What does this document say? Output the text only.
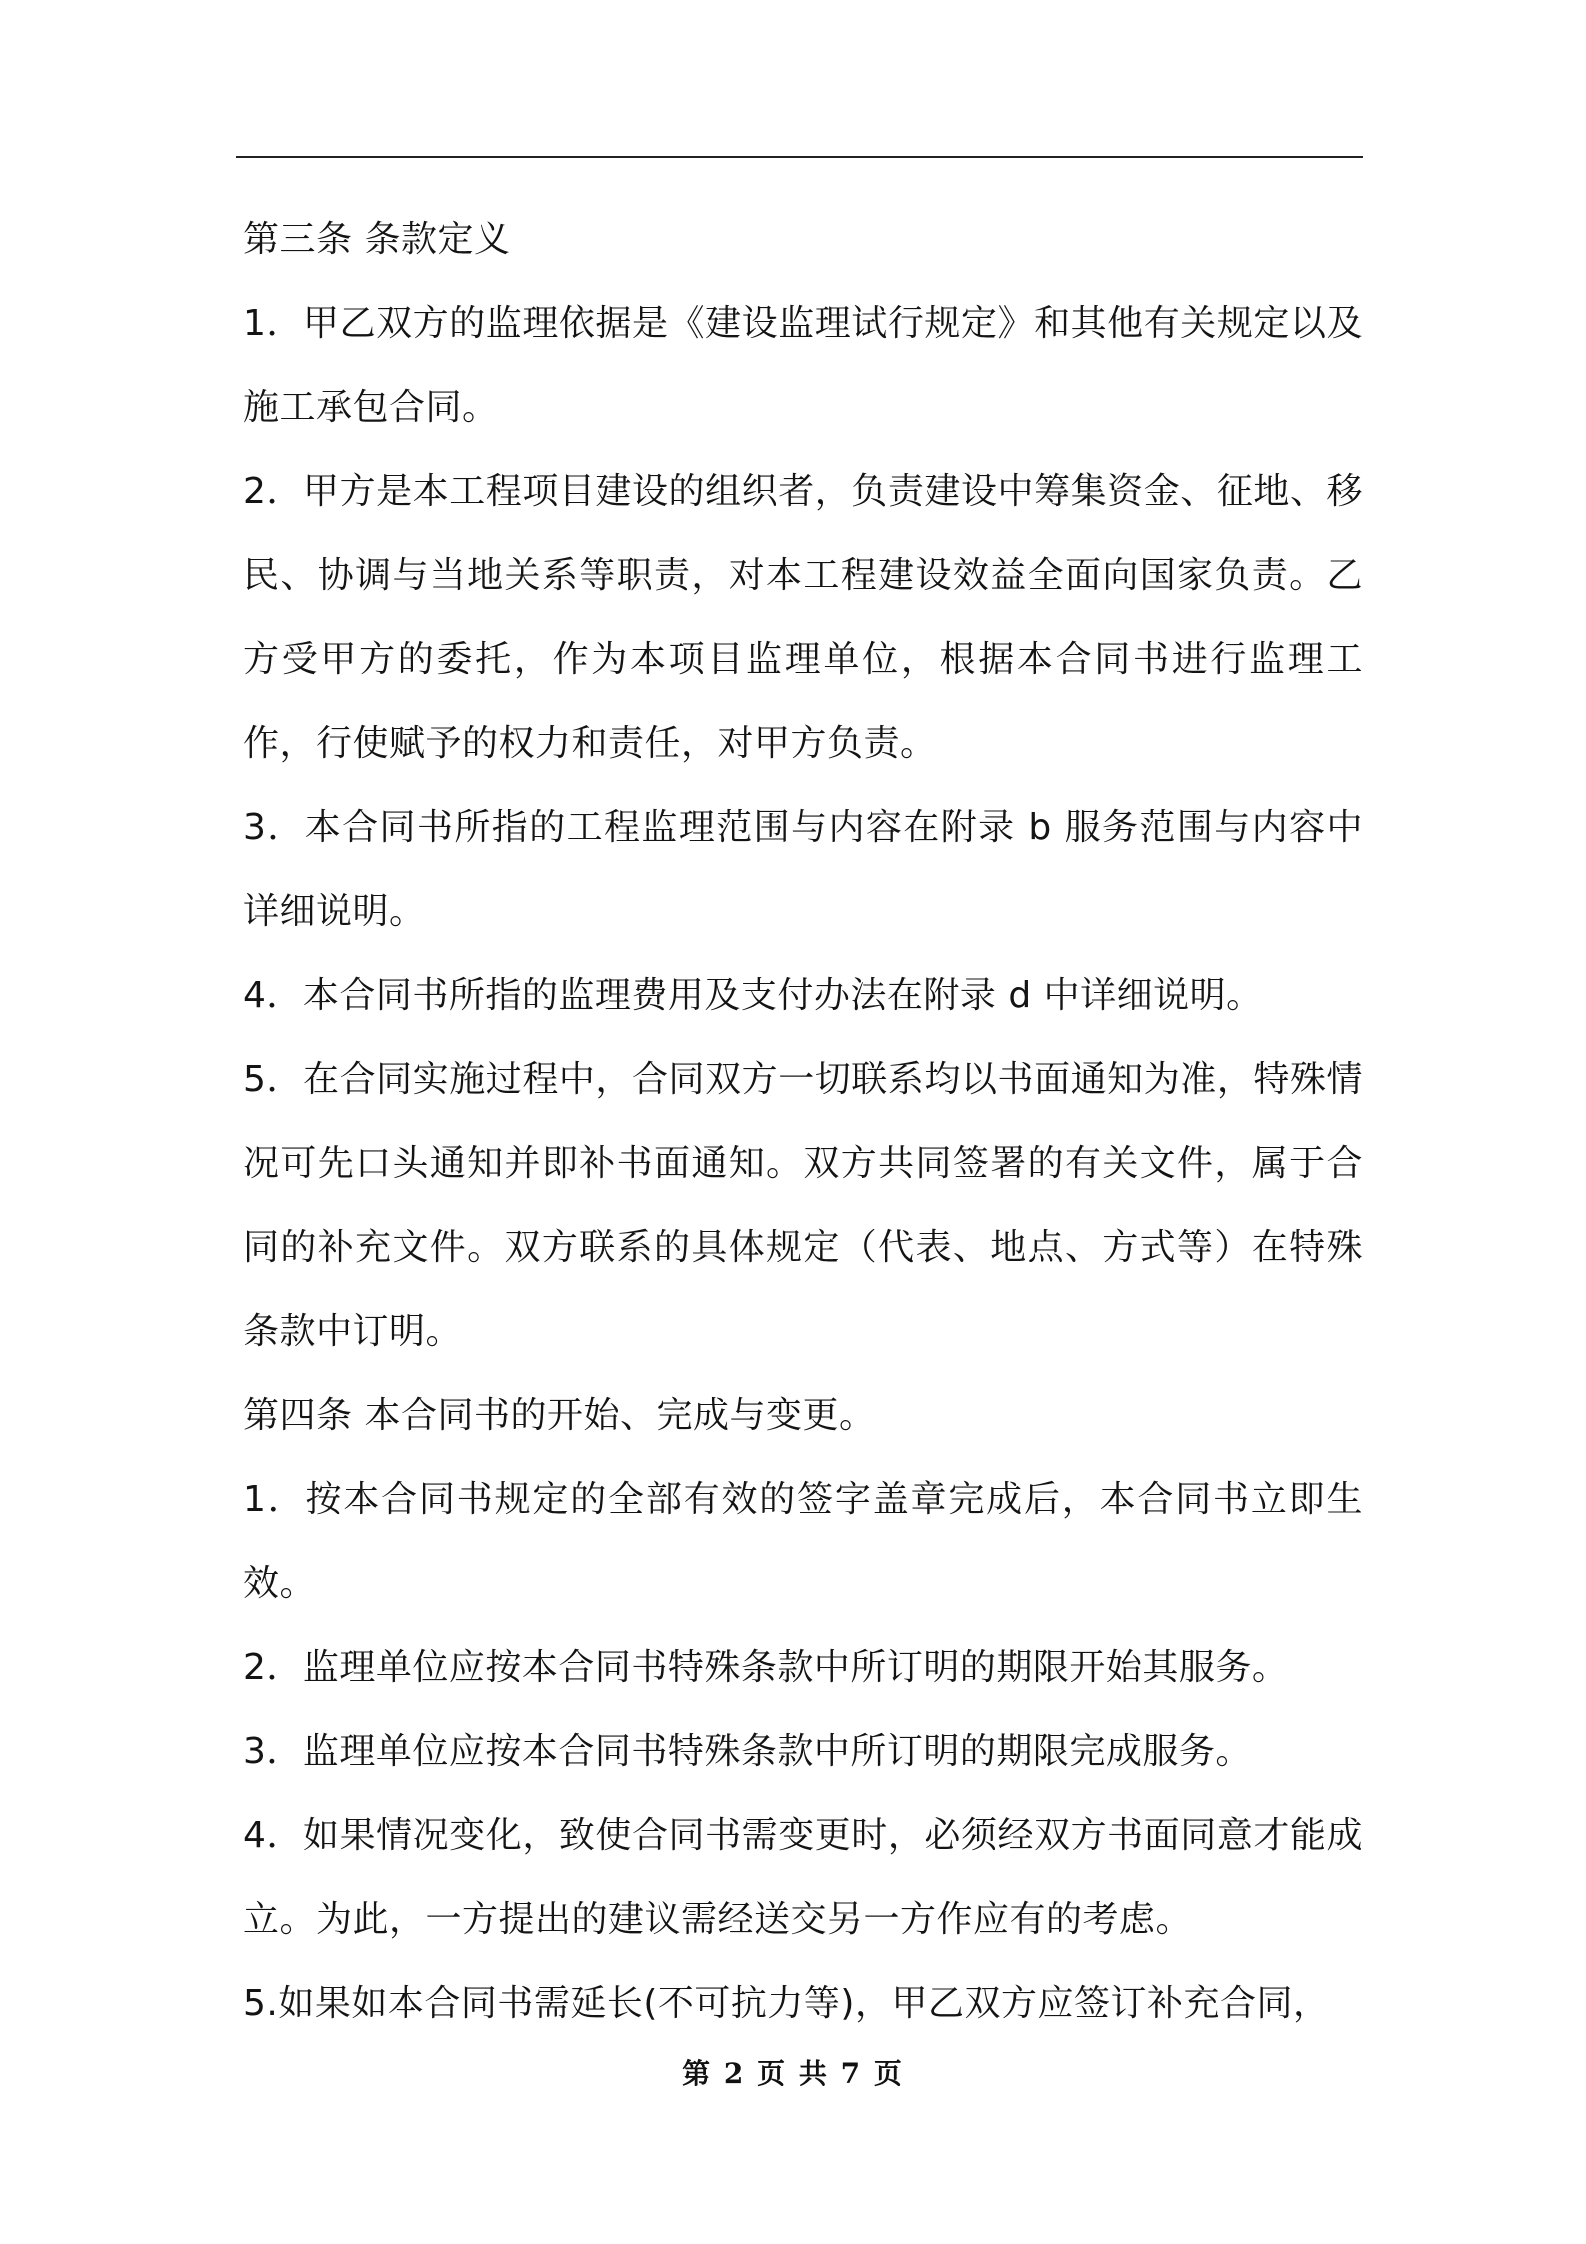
第三条 条款定义

1．甲乙双方的监理依据是《建设监理试行规定》和其他有关规定以及施工承包合同。

2．甲方是本工程项目建设的组织者，负责建设中筹集资金、征地、移民、协调与当地关系等职责，对本工程建设效益全面向国家负责。乙方受甲方的委托，作为本项目监理单位，根据本合同书进行监理工作，行使赋予的权力和责任，对甲方负责。

3．本合同书所指的工程监理范围与内容在附录 b 服务范围与内容中详细说明。

4．本合同书所指的监理费用及支付办法在附录 d 中详细说明。

5．在合同实施过程中，合同双方一切联系均以书面通知为准，特殊情况可先口头通知并即补书面通知。双方共同签署的有关文件，属于合同的补充文件。双方联系的具体规定（代表、地点、方式等）在特殊条款中订明。

第四条 本合同书的开始、完成与变更。

1．按本合同书规定的全部有效的签字盖章完成后，本合同书立即生效。

2．监理单位应按本合同书特殊条款中所订明的期限开始其服务。

3．监理单位应按本合同书特殊条款中所订明的期限完成服务。

4．如果情况变化，致使合同书需变更时，必须经双方书面同意才能成立。为此，一方提出的建议需经送交另一方作应有的考虑。

5.如果如本合同书需延长(不可抗力等)，甲乙双方应签订补充合同，

第 2 页 共 7 页
